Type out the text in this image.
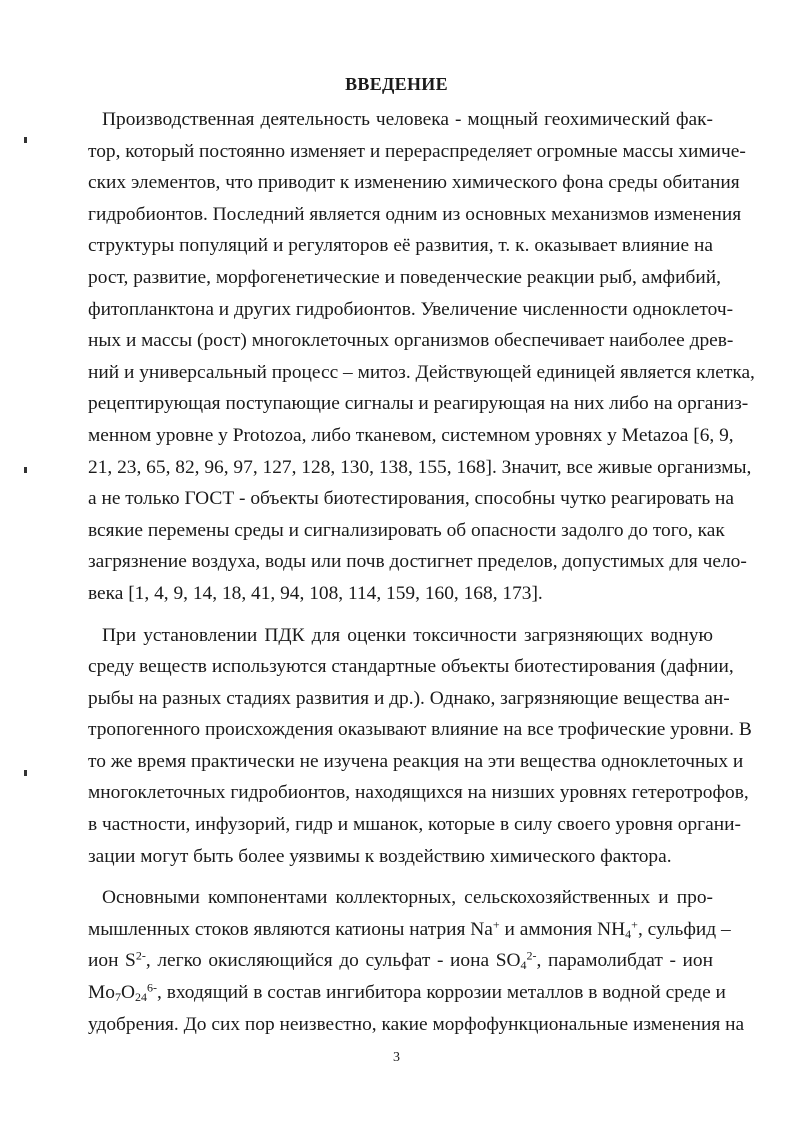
ВВЕДЕНИЕ
Производственная деятельность человека - мощный геохимический фак-
тор, который постоянно изменяет и перераспределяет огромные массы химиче-
ских элементов, что приводит к изменению химического фона среды обитания
гидробионтов. Последний является одним из основных механизмов изменения
структуры популяций и регуляторов её развития, т. к. оказывает влияние на
рост, развитие, морфогенетические и поведенческие реакции рыб, амфибий,
фитопланктона и других гидробионтов. Увеличение численности одноклеточ-
ных и массы (рост) многоклеточных организмов обеспечивает наиболее древ-
ний и универсальный процесс – митоз. Действующей единицей является клетка,
рецептирующая поступающие сигналы и реагирующая на них либо на организ-
менном уровне у Protozoa, либо тканевом, системном уровнях у Metazoa [6, 9,
21, 23, 65, 82, 96, 97, 127, 128, 130, 138, 155, 168]. Значит, все живые организмы,
а не только ГОСТ - объекты биотестирования, способны чутко реагировать на
всякие перемены среды и сигнализировать об опасности задолго до того, как
загрязнение воздуха, воды или почв достигнет пределов, допустимых для чело-
века [1, 4, 9, 14, 18, 41, 94, 108, 114, 159, 160, 168, 173].
При установлении ПДК для оценки токсичности загрязняющих водную
среду веществ используются стандартные объекты биотестирования (дафнии,
рыбы на разных стадиях развития и др.). Однако, загрязняющие вещества ан-
тропогенного происхождения оказывают влияние на все трофические уровни. В
то же время практически не изучена реакция на эти вещества одноклеточных и
многоклеточных гидробионтов, находящихся на низших уровнях гетеротрофов,
в частности, инфузорий, гидр и мшанок, которые в силу своего уровня органи-
зации могут быть более уязвимы к воздействию химического фактора.
Основными компонентами коллекторных, сельскохозяйственных и про-
мышленных стоков являются катионы натрия Na+ и аммония $NH_4^+$, сульфид –
ион $S^{2-}$, легко окисляющийся до сульфат - иона $SO_4^{2-}$, парамолибдат - ион
$Mo_7O_{24}^{6-}$, входящий в состав ингибитора коррозии металлов в водной среде и
удобрения. До сих пор неизвестно, какие морфофункциональные изменения на
3
